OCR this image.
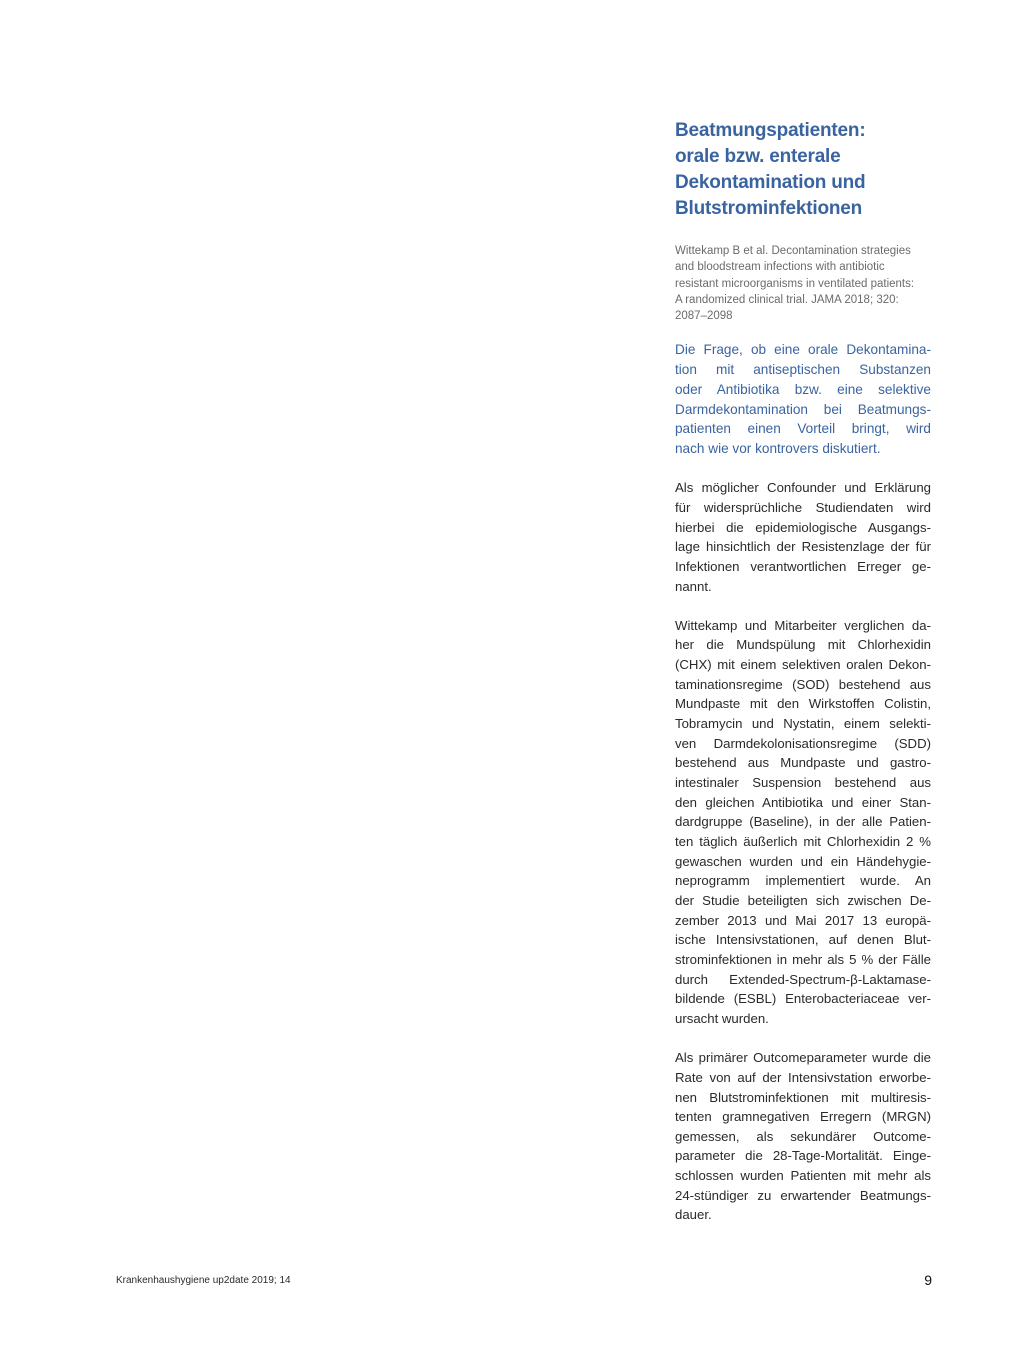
Beatmungspatienten:
orale bzw. enterale
Dekontamination und
Blutstrominfektionen
Wittekamp B et al. Decontamination strategies
and bloodstream infections with antibiotic
resistant microorganisms in ventilated patients:
A randomized clinical trial. JAMA 2018; 320:
2087–2098
Die Frage, ob eine orale Dekontamina-
tion mit antiseptischen Substanzen
oder Antibiotika bzw. eine selektive
Darmdekontamination bei Beatmungs-
patienten einen Vorteil bringt, wird
nach wie vor kontrovers diskutiert.
Als möglicher Confounder und Erklärung
für widersprüchliche Studiendaten wird
hierbei die epidemiologische Ausgangs-
lage hinsichtlich der Resistenzlage der für
Infektionen verantwortlichen Erreger ge-
nannt.
Wittekamp und Mitarbeiter verglichen da-
her die Mundspülung mit Chlorhexidin
(CHX) mit einem selektiven oralen Dekon-
taminationsregime (SOD) bestehend aus
Mundpaste mit den Wirkstoffen Colistin,
Tobramycin und Nystatin, einem selekti-
ven Darmdekolonisationsregime (SDD)
bestehend aus Mundpaste und gastro-
intestinaler Suspension bestehend aus
den gleichen Antibiotika und einer Stan-
dardgruppe (Baseline), in der alle Patien-
ten täglich äußerlich mit Chlorhexidin 2 %
gewaschen wurden und ein Händehygie-
neprogramm implementiert wurde. An
der Studie beteiligten sich zwischen De-
zember 2013 und Mai 2017 13 europä-
ische Intensivstationen, auf denen Blut-
strominfektionen in mehr als 5 % der Fälle
durch Extended-Spectrum-β-Laktamase-
bildende (ESBL) Enterobacteriaceae ver-
ursacht wurden.
Als primärer Outcomeparameter wurde die
Rate von auf der Intensivstation erworbe-
nen Blutstrominfektionen mit multiresis-
tenten gramnegativen Erregern (MRGN)
gemessen, als sekundärer Outcome-
parameter die 28-Tage-Mortalität. Einge-
schlossen wurden Patienten mit mehr als
24-stündiger zu erwartender Beatmungs-
dauer.
Krankenhaushygiene up2date 2019; 14	9
